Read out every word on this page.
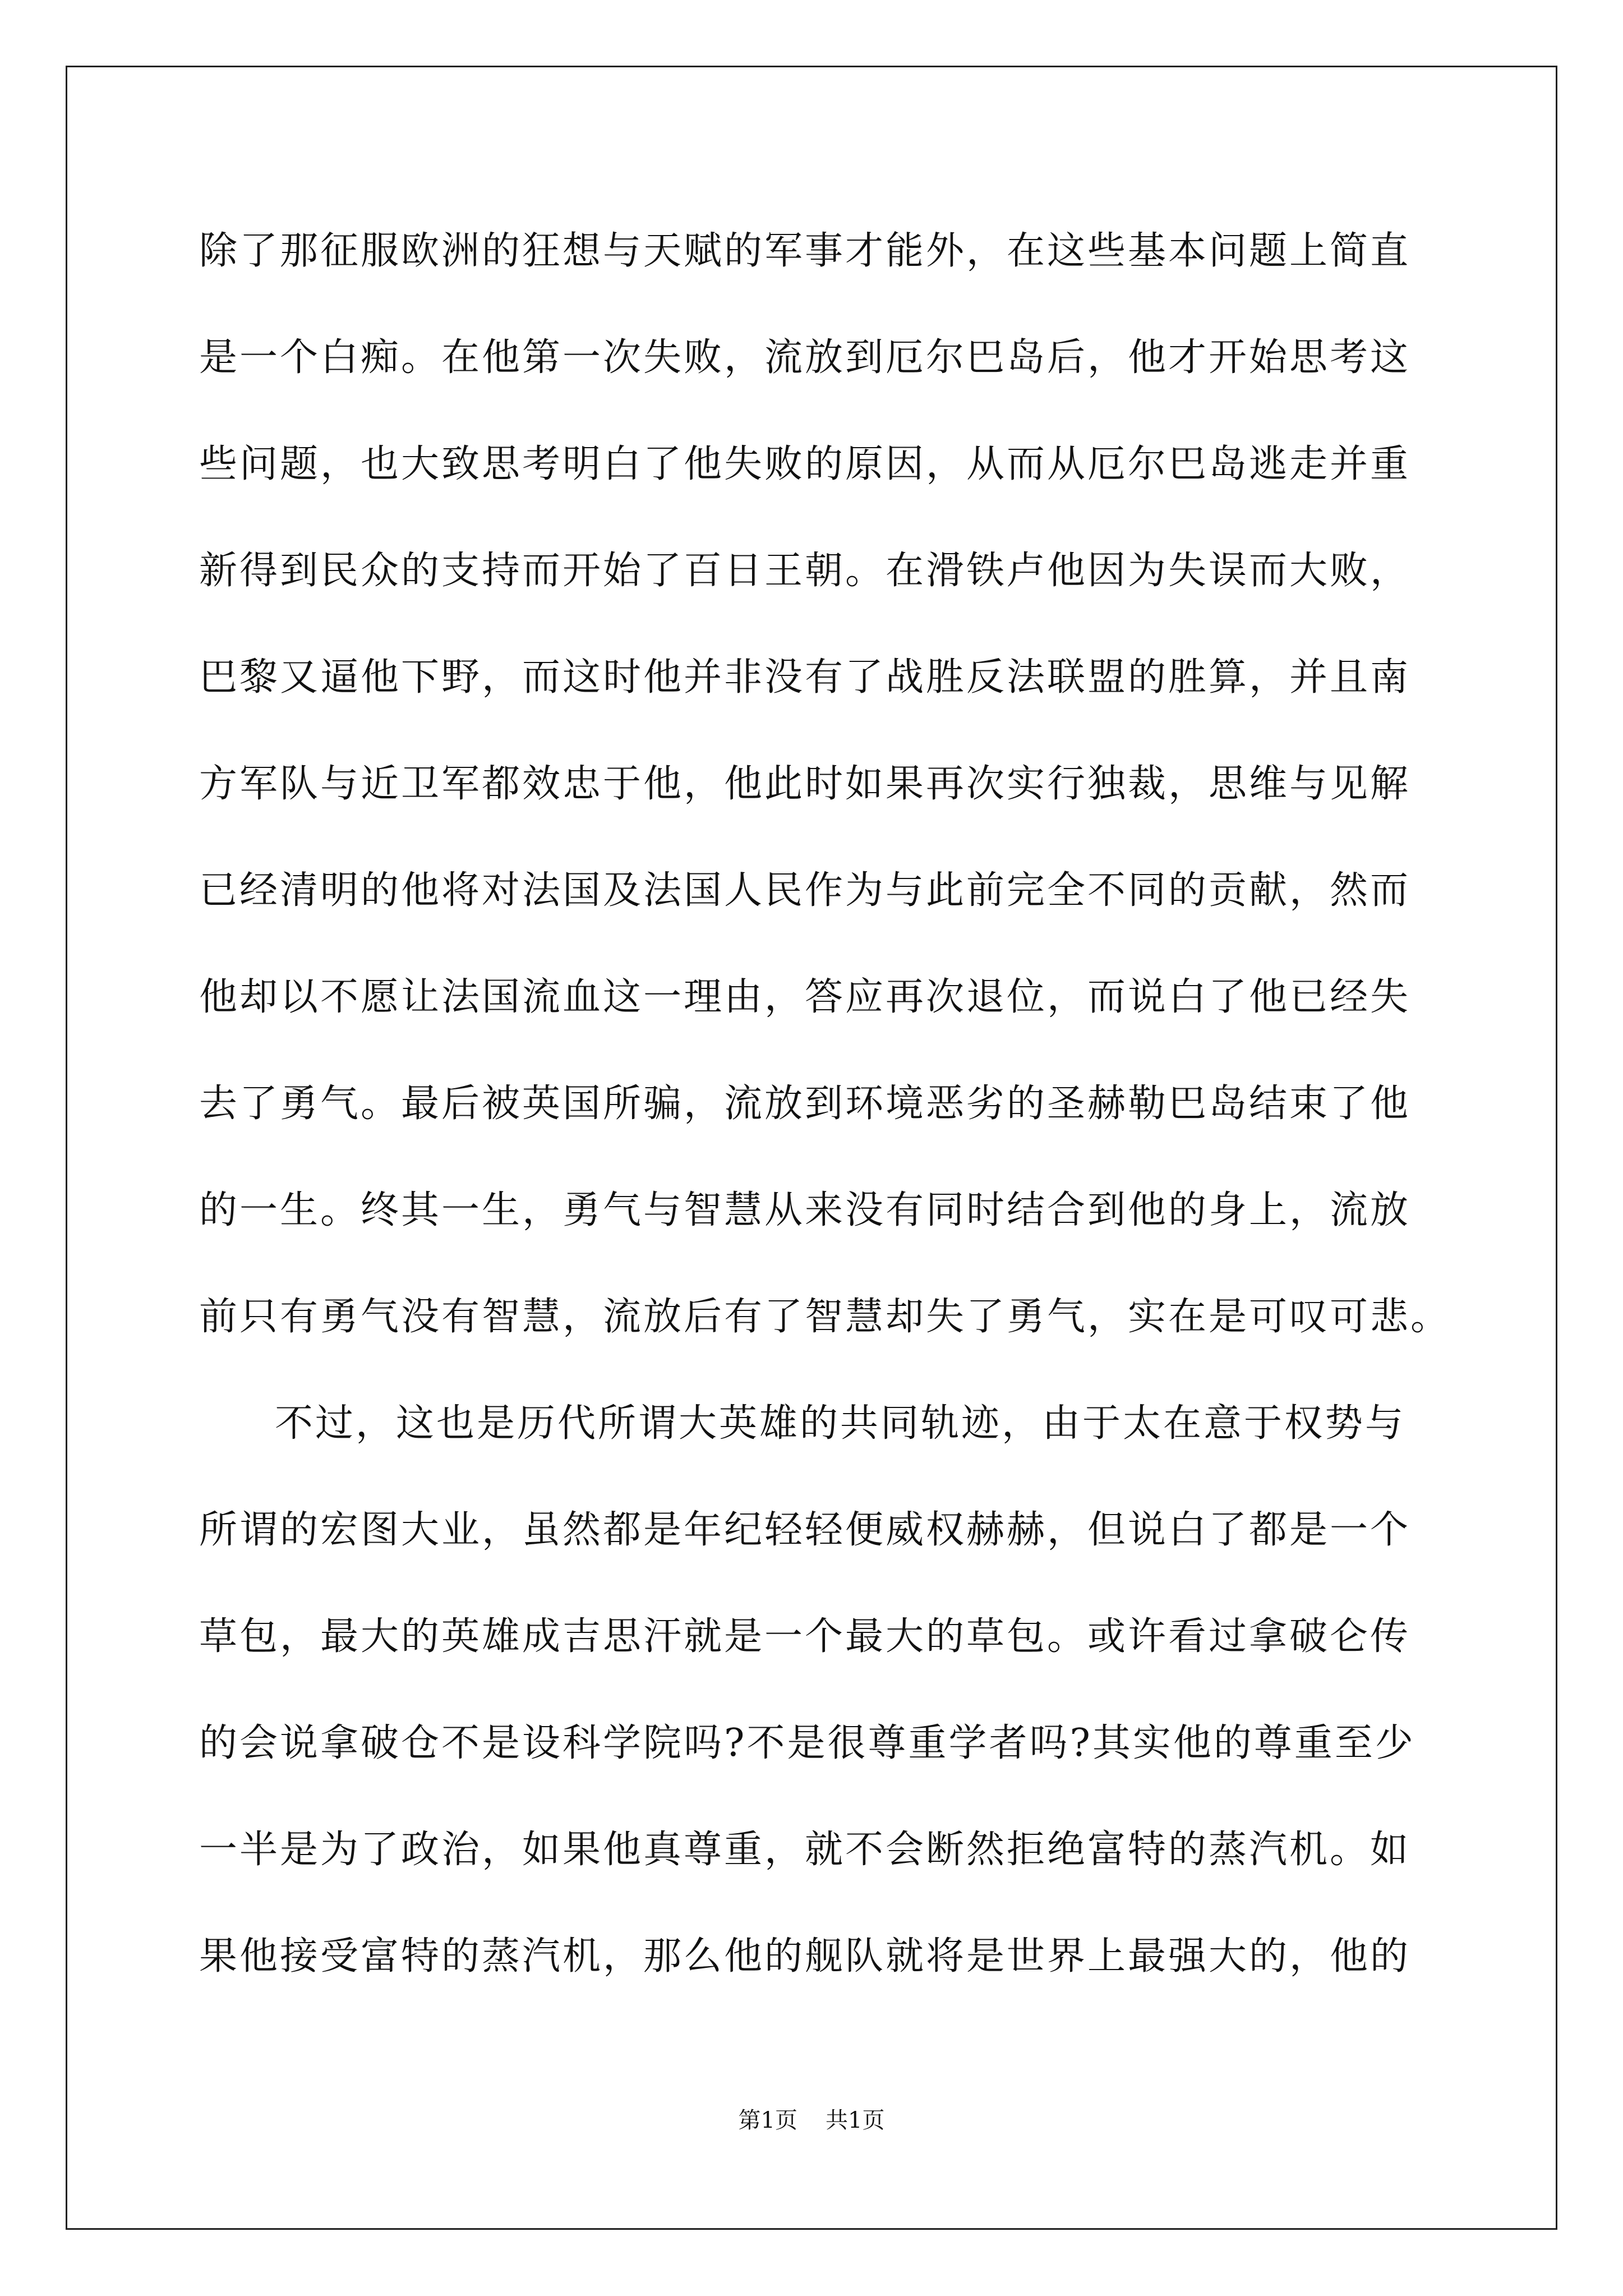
除了那征服欧洲的狂想与天赋的军事才能外，在这些基本问题上简直
是一个白痴。在他第一次失败，流放到厄尔巴岛后，他才开始思考这
些问题，也大致思考明白了他失败的原因，从而从厄尔巴岛逃走并重
新得到民众的支持而开始了百日王朝。在滑铁卢他因为失误而大败，
巴黎又逼他下野，而这时他并非没有了战胜反法联盟的胜算，并且南
方军队与近卫军都效忠于他，他此时如果再次实行独裁，思维与见解
已经清明的他将对法国及法国人民作为与此前完全不同的贡献，然而
他却以不愿让法国流血这一理由，答应再次退位，而说白了他已经失
去了勇气。最后被英国所骗，流放到环境恶劣的圣赫勒巴岛结束了他
的一生。终其一生，勇气与智慧从来没有同时结合到他的身上，流放
前只有勇气没有智慧，流放后有了智慧却失了勇气，实在是可叹可悲。
不过，这也是历代所谓大英雄的共同轨迹，由于太在意于权势与
所谓的宏图大业，虽然都是年纪轻轻便威权赫赫，但说白了都是一个
草包，最大的英雄成吉思汗就是一个最大的草包。或许看过拿破仑传
的会说拿破仓不是设科学院吗?不是很尊重学者吗?其实他的尊重至少
一半是为了政治，如果他真尊重，就不会断然拒绝富特的蒸汽机。如
果他接受富特的蒸汽机，那么他的舰队就将是世界上最强大的，他的
第1页 共1页
